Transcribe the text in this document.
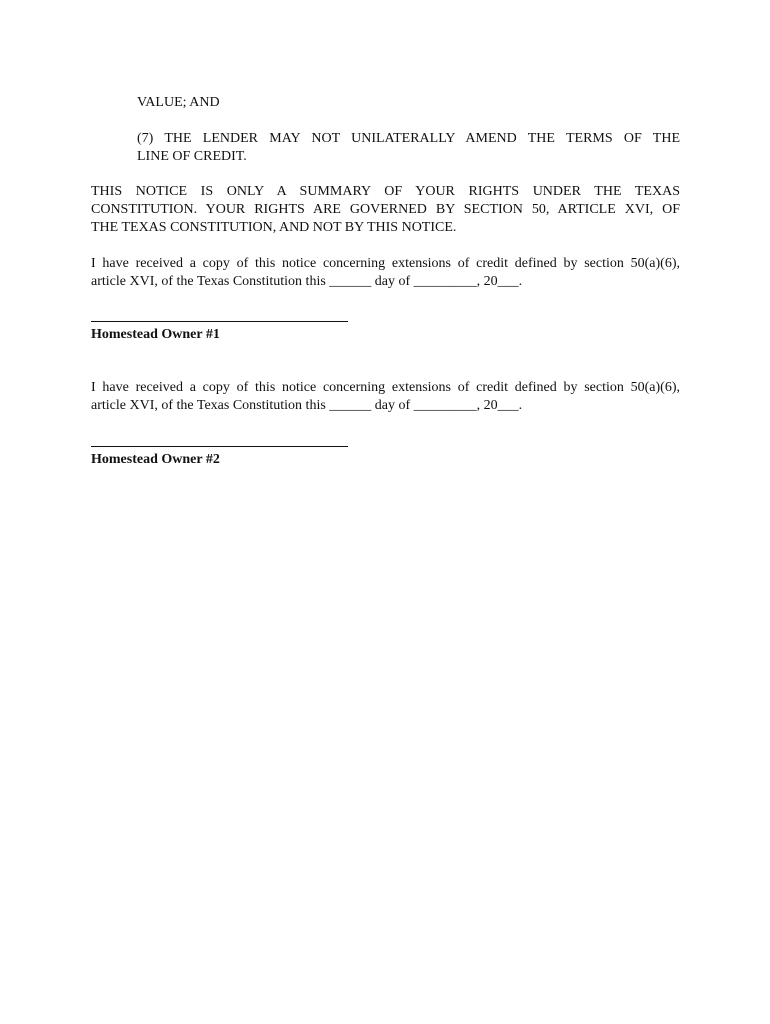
VALUE; AND

(7) THE LENDER MAY NOT UNILATERALLY AMEND THE TERMS OF THE
LINE OF CREDIT.

THIS NOTICE IS ONLY A SUMMARY OF YOUR RIGHTS UNDER THE TEXAS
CONSTITUTION. YOUR RIGHTS ARE GOVERNED BY SECTION 50, ARTICLE XVI, OF
THE TEXAS CONSTITUTION, AND NOT BY THIS NOTICE.

I have received a copy of this notice concerning extensions of credit defined by section 50(a)(6),
article XVI, of the Texas Constitution this ______ day of _________, 20___.

Homestead Owner #1

I have received a copy of this notice concerning extensions of credit defined by section 50(a)(6),
article XVI, of the Texas Constitution this ______ day of _________, 20___.

Homestead Owner #2
